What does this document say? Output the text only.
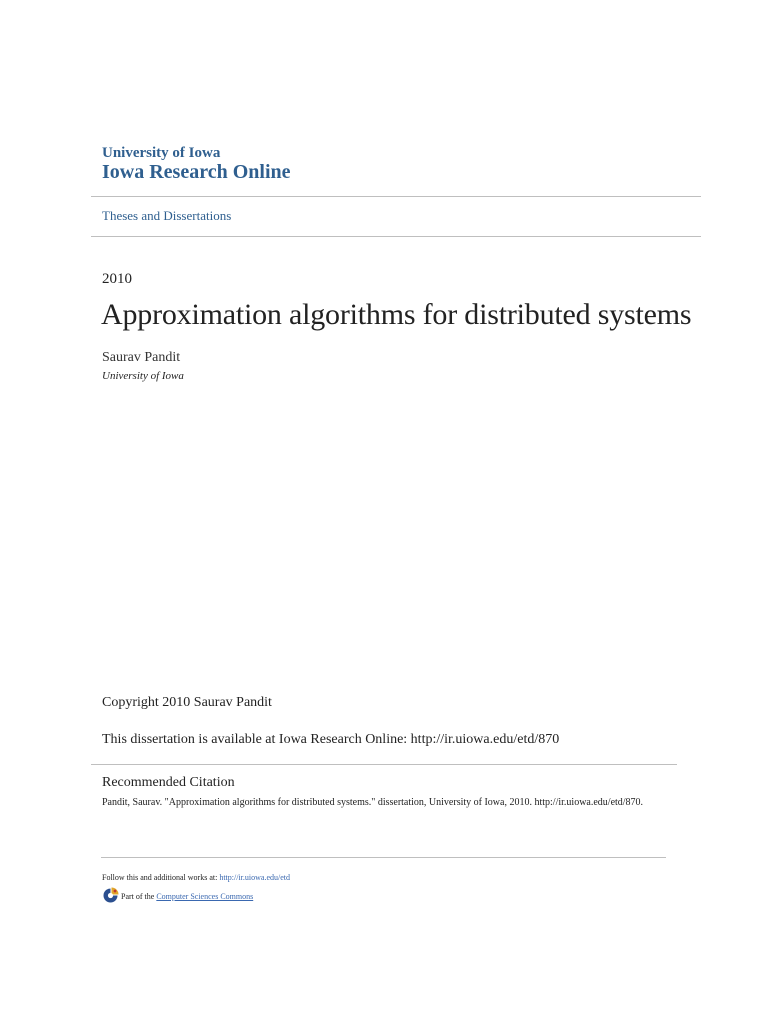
University of Iowa
Iowa Research Online
Theses and Dissertations
2010
Approximation algorithms for distributed systems
Saurav Pandit
University of Iowa
Copyright 2010 Saurav Pandit
This dissertation is available at Iowa Research Online: http://ir.uiowa.edu/etd/870
Recommended Citation
Pandit, Saurav. "Approximation algorithms for distributed systems." dissertation, University of Iowa, 2010. http://ir.uiowa.edu/etd/870.
Follow this and additional works at: http://ir.uiowa.edu/etd
Part of the
Computer Sciences Commons
